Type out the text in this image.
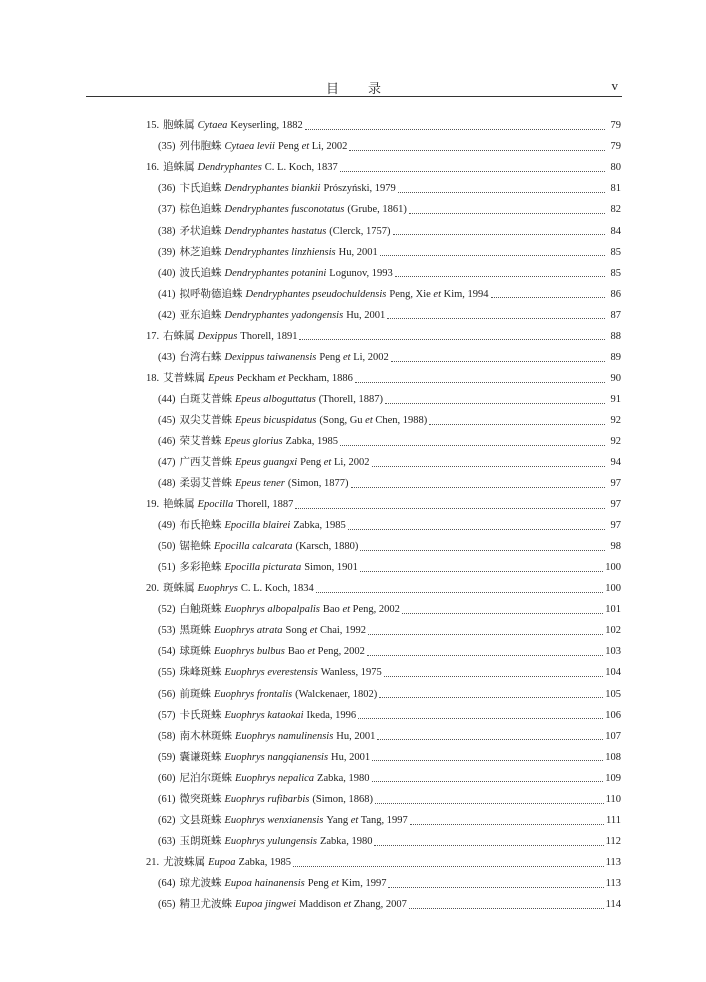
目　　录	v
15. 胞蛛属 Cytaea Keyserling, 1882	79
(35) 列伟胞蛛 Cytaea levii Peng et Li, 2002	79
16. 追蛛属 Dendryphantes C. L. Koch, 1837	80
(36) 卞氏追蛛 Dendryphantes biankii Prószyński, 1979	81
(37) 棕色追蛛 Dendryphantes fusconotatus (Grube, 1861)	82
(38) 矛状追蛛 Dendryphantes hastatus (Clerck, 1757)	84
(39) 林芝追蛛 Dendryphantes linzhiensis Hu, 2001	85
(40) 波氏追蛛 Dendryphantes potanini Logunov, 1993	85
(41) 拟呼勒德追蛛 Dendryphantes pseudochuldensis Peng, Xie et Kim, 1994	86
(42) 亚东追蛛 Dendryphantes yadongensis Hu, 2001	87
17. 右蛛属 Dexippus Thorell, 1891	88
(43) 台湾右蛛 Dexippus taiwanensis Peng et Li, 2002	89
18. 艾普蛛属 Epeus Peckham et Peckham, 1886	90
(44) 白斑艾普蛛 Epeus alboguttatus (Thorell, 1887)	91
(45) 双尖艾普蛛 Epeus bicuspidatus (Song, Gu et Chen, 1988)	92
(46) 荣艾普蛛 Epeus glorius Zabka, 1985	92
(47) 广西艾普蛛 Epeus guangxi Peng et Li, 2002	94
(48) 柔弱艾普蛛 Epeus tener (Simon, 1877)	97
19. 艳蛛属 Epocilla Thorell, 1887	97
(49) 布氏艳蛛 Epocilla blairei Zabka, 1985	97
(50) 锯艳蛛 Epocilla calcarata (Karsch, 1880)	98
(51) 多彩艳蛛 Epocilla picturata Simon, 1901	100
20. 斑蛛属 Euophrys C. L. Koch, 1834	100
(52) 白触斑蛛 Euophrys albopalpalis Bao et Peng, 2002	101
(53) 黑斑蛛 Euophrys atrata Song et Chai, 1992	102
(54) 球斑蛛 Euophrys bulbus Bao et Peng, 2002	103
(55) 珠峰斑蛛 Euophrys everestensis Wanless, 1975	104
(56) 前斑蛛 Euophrys frontalis (Walckenaer, 1802)	105
(57) 卡氏斑蛛 Euophrys kataokai Ikeda, 1996	106
(58) 南木林斑蛛 Euophrys namulinensis Hu, 2001	107
(59) 囊谦斑蛛 Euophrys nangqianensis Hu, 2001	108
(60) 尼泊尔斑蛛 Euophrys nepalica Zabka, 1980	109
(61) 微突斑蛛 Euophrys rufibarbis (Simon, 1868)	110
(62) 文县斑蛛 Euophrys wenxianensis Yang et Tang, 1997	111
(63) 玉朗斑蛛 Euophrys yulungensis Zabka, 1980	112
21. 尤波蛛属 Eupoa Zabka, 1985	113
(64) 琼尤波蛛 Eupoa hainanensis Peng et Kim, 1997	113
(65) 精卫尤波蛛 Eupoa jingwei Maddison et Zhang, 2007	114
